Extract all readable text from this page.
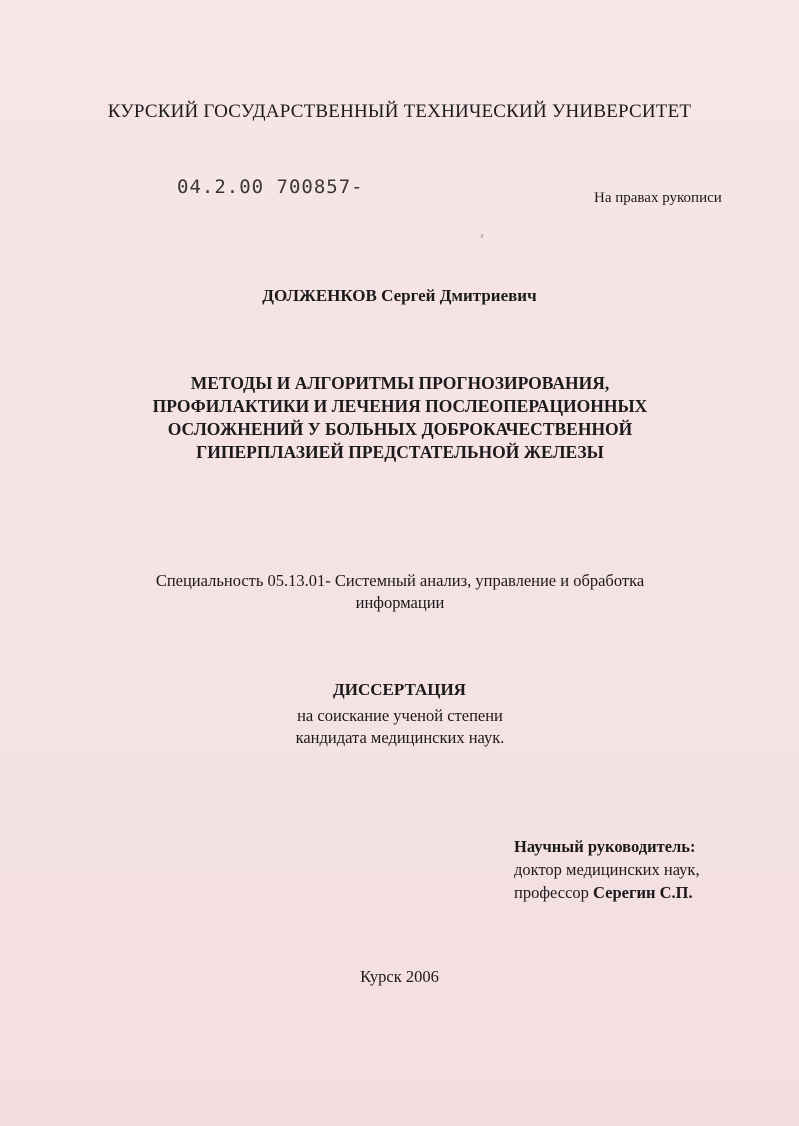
КУРСКИЙ ГОСУДАРСТВЕННЫЙ ТЕХНИЧЕСКИЙ УНИВЕРСИТЕТ
04.2.00 700857-	На правах рукописи
ДОЛЖЕНКОВ Сергей Дмитриевич
МЕТОДЫ И АЛГОРИТМЫ ПРОГНОЗИРОВАНИЯ,
ПРОФИЛАКТИКИ И ЛЕЧЕНИЯ ПОСЛЕОПЕРАЦИОННЫХ
ОСЛОЖНЕНИЙ У БОЛЬНЫХ ДОБРОКАЧЕСТВЕННОЙ
ГИПЕРПЛАЗИЕЙ ПРЕДСТАТЕЛЬНОЙ ЖЕЛЕЗЫ
Специальность 05.13.01- Системный анализ, управление и обработка
информации
ДИССЕРТАЦИЯ
на соискание ученой степени
кандидата медицинских наук.
Научный руководитель:
доктор медицинских наук,
профессор Серегин С.П.
Курск 2006
